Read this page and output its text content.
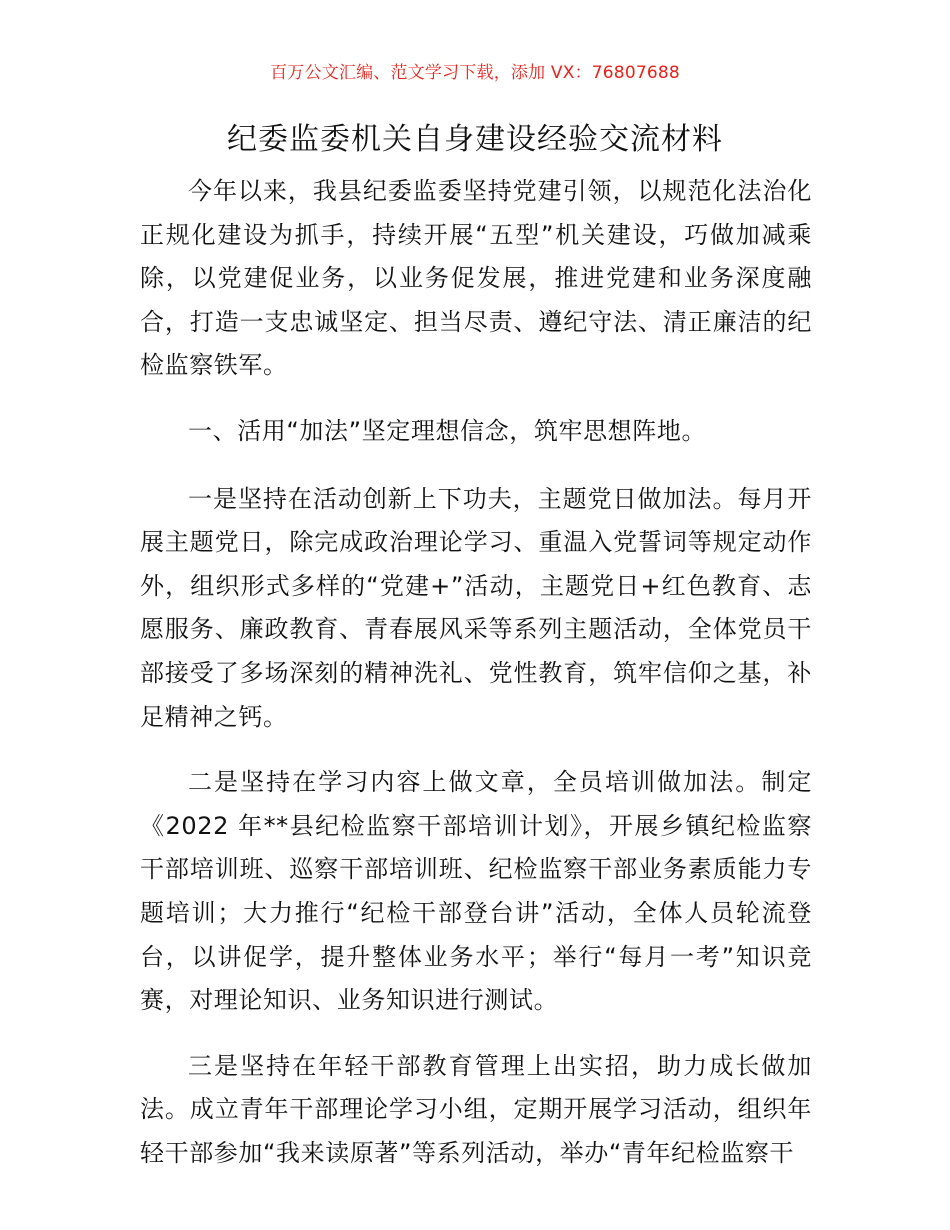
百万公文汇编、范文学习下载，添加 VX：76807688
纪委监委机关自身建设经验交流材料

今年以来，我县纪委监委坚持党建引领，以规范化法治化正规化建设为抓手，持续开展“五型”机关建设，巧做加减乘除，以党建促业务，以业务促发展，推进党建和业务深度融合，打造一支忠诚坚定、担当尽责、遵纪守法、清正廉洁的纪检监察铁军。

一、活用“加法”坚定理想信念，筑牢思想阵地。

一是坚持在活动创新上下功夫，主题党日做加法。每月开展主题党日，除完成政治理论学习、重温入党誓词等规定动作外，组织形式多样的“党建+”活动，主题党日+红色教育、志愿服务、廉政教育、青春展风采等系列主题活动，全体党员干部接受了多场深刻的精神洗礼、党性教育，筑牢信仰之基，补足精神之钙。

二是坚持在学习内容上做文章，全员培训做加法。制定《2022 年**县纪检监察干部培训计划》，开展乡镇纪检监察干部培训班、巡察干部培训班、纪检监察干部业务素质能力专题培训；大力推行“纪检干部登台讲”活动，全体人员轮流登台，以讲促学，提升整体业务水平；举行“每月一考”知识竞赛，对理论知识、业务知识进行测试。

三是坚持在年轻干部教育管理上出实招，助力成长做加法。成立青年干部理论学习小组，定期开展学习活动，组织年轻干部参加“我来读原著”等系列活动，举办“青年纪检监察干
